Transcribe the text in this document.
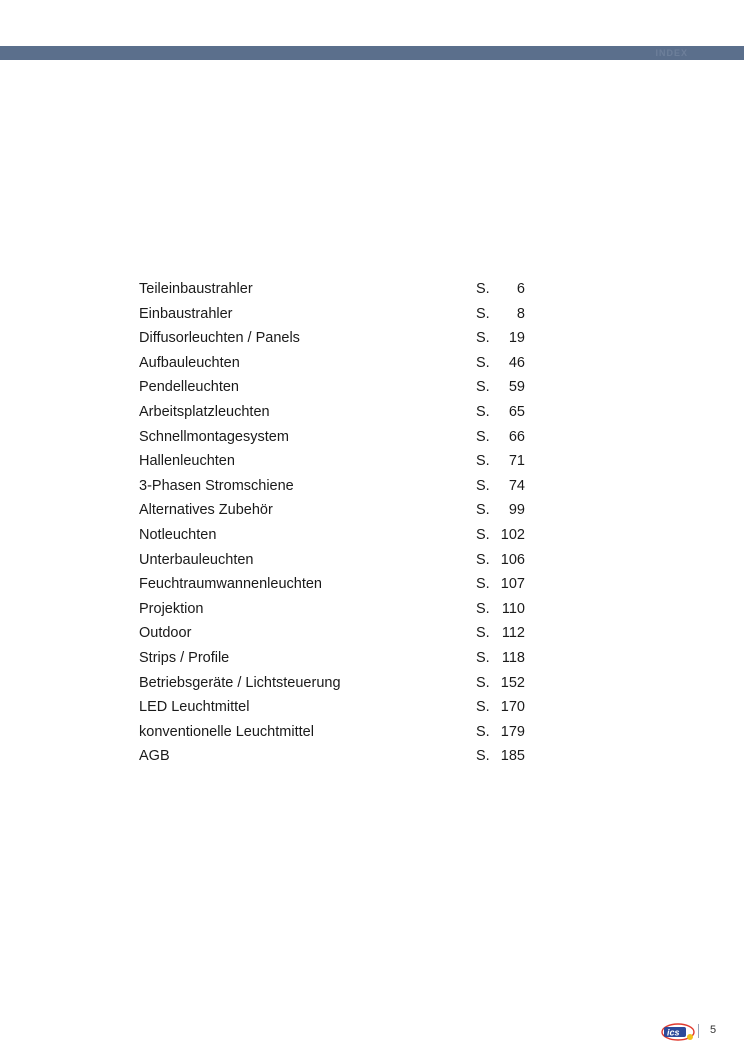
INDEX
Teileinbaustrahler	S. 6
Einbaustrahler	S. 8
Diffusorleuchten / Panels	S. 19
Aufbauleuchten	S. 46
Pendelleuchten	S. 59
Arbeitsplatzleuchten	S. 65
Schnellmontagesystem	S. 66
Hallenleuchten	S. 71
3-Phasen Stromschiene	S. 74
Alternatives Zubehör	S. 99
Notleuchten	S. 102
Unterbauleuchten	S. 106
Feuchtraumwannenleuchten	S. 107
Projektion	S. 110
Outdoor	S. 112
Strips / Profile	S. 118
Betriebsgeräte / Lichtsteuerung	S. 152
LED Leuchtmittel	S. 170
konventionelle Leuchtmittel	S. 179
AGB	S. 185
ics	5
